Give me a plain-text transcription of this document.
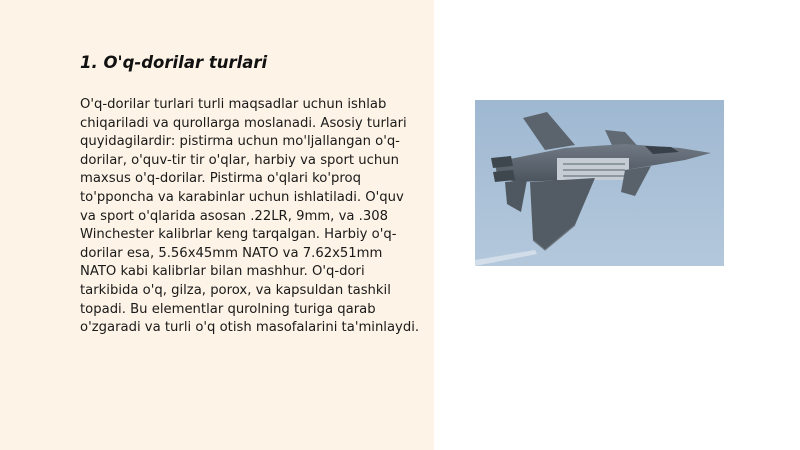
1. O'q-dorilar turlari

O'q-dorilar turlari turli maqsadlar uchun ishlab chiqariladi va qurollarga moslanadi. Asosiy turlari quyidagilardir: pistirma uchun mo'ljallangan o'q-dorilar, o'quv-tir tir o'qlar, harbiy va sport uchun maxsus o'q-dorilar. Pistirma o'qlari ko'proq to'pponcha va karabinlar uchun ishlatiladi. O'quv va sport o'qlarida asosan .22LR, 9mm, va .308 Winchester kalibrlar keng tarqalgan. Harbiy o'q-dorilar esa, 5.56x45mm NATO va 7.62x51mm NATO kabi kalibrlar bilan mashhur. O'q-dori tarkibida o'q, gilza, porox, va kapsuldan tashkil topadi. Bu elementlar qurolning turiga qarab o'zgaradi va turli o'q otish masofalarini ta'minlaydi.
